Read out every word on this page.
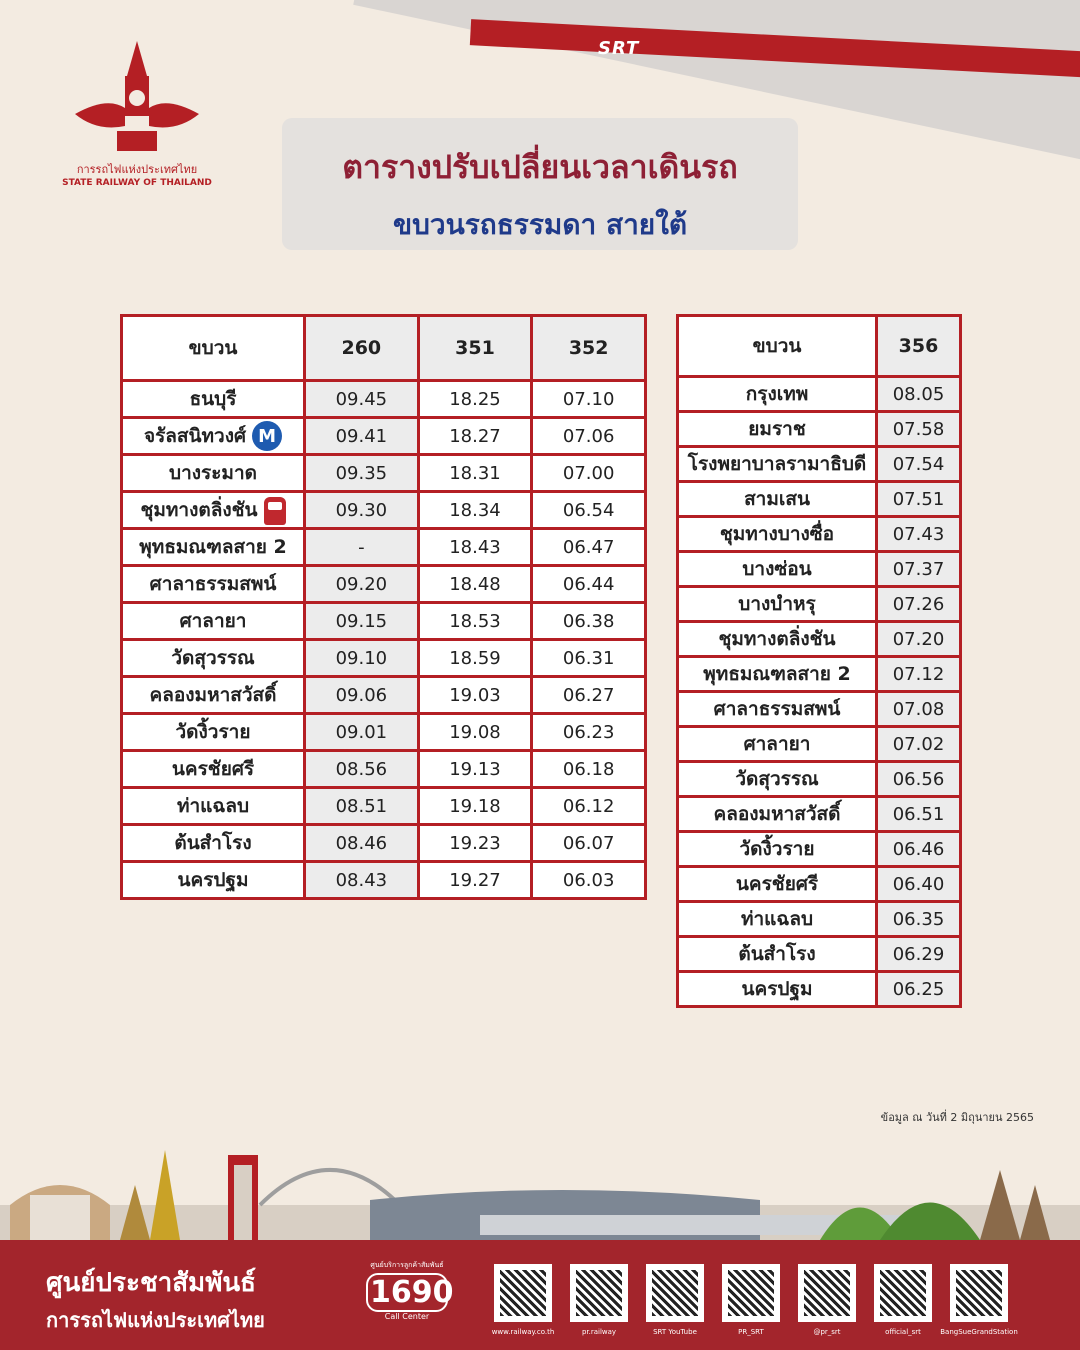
SRT
การรถไฟแห่งประเทศไทย
STATE RAILWAY OF THAILAND	ตารางปรับเปลี่ยนเวลาเดินรถ
ขบวนรถธรรมดา สายใต้
ขบวน	260	351	352
ธนบุรี	09.45	18.25	07.10
จรัลสนิทวงศ์ M	09.41	18.27	07.06
บางระมาด	09.35	18.31	07.00
ชุมทางตลิ่งชัน	09.30	18.34	06.54
พุทธมณฑลสาย 2	-	18.43	06.47
ศาลาธรรมสพน์	09.20	18.48	06.44
ศาลายา	09.15	18.53	06.38
วัดสุวรรณ	09.10	18.59	06.31
คลองมหาสวัสดิ์	09.06	19.03	06.27
วัดงิ้วราย	09.01	19.08	06.23
นครชัยศรี	08.56	19.13	06.18
ท่าแฉลบ	08.51	19.18	06.12
ต้นสำโรง	08.46	19.23	06.07
นครปฐม	08.43	19.27	06.03
ขบวน	356
กรุงเทพ	08.05
ยมราช	07.58
โรงพยาบาลรามาธิบดี	07.54
สามเสน	07.51
ชุมทางบางซื่อ	07.43
บางซ่อน	07.37
บางบำหรุ	07.26
ชุมทางตลิ่งชัน	07.20
พุทธมณฑลสาย 2	07.12
ศาลาธรรมสพน์	07.08
ศาลายา	07.02
วัดสุวรรณ	06.56
คลองมหาสวัสดิ์	06.51
วัดงิ้วราย	06.46
นครชัยศรี	06.40
ท่าแฉลบ	06.35
ต้นสำโรง	06.29
นครปฐม	06.25
ข้อมูล ณ วันที่ 2 มิถุนายน 2565
ศูนย์ประชาสัมพันธ์
การรถไฟแห่งประเทศไทย
ศูนย์บริการลูกค้าสัมพันธ์
1690
Call Center
www.railway.co.th	pr.railway	SRT YouTube	PR_SRT	@pr_srt	official_srt	BangSueGrandStation
